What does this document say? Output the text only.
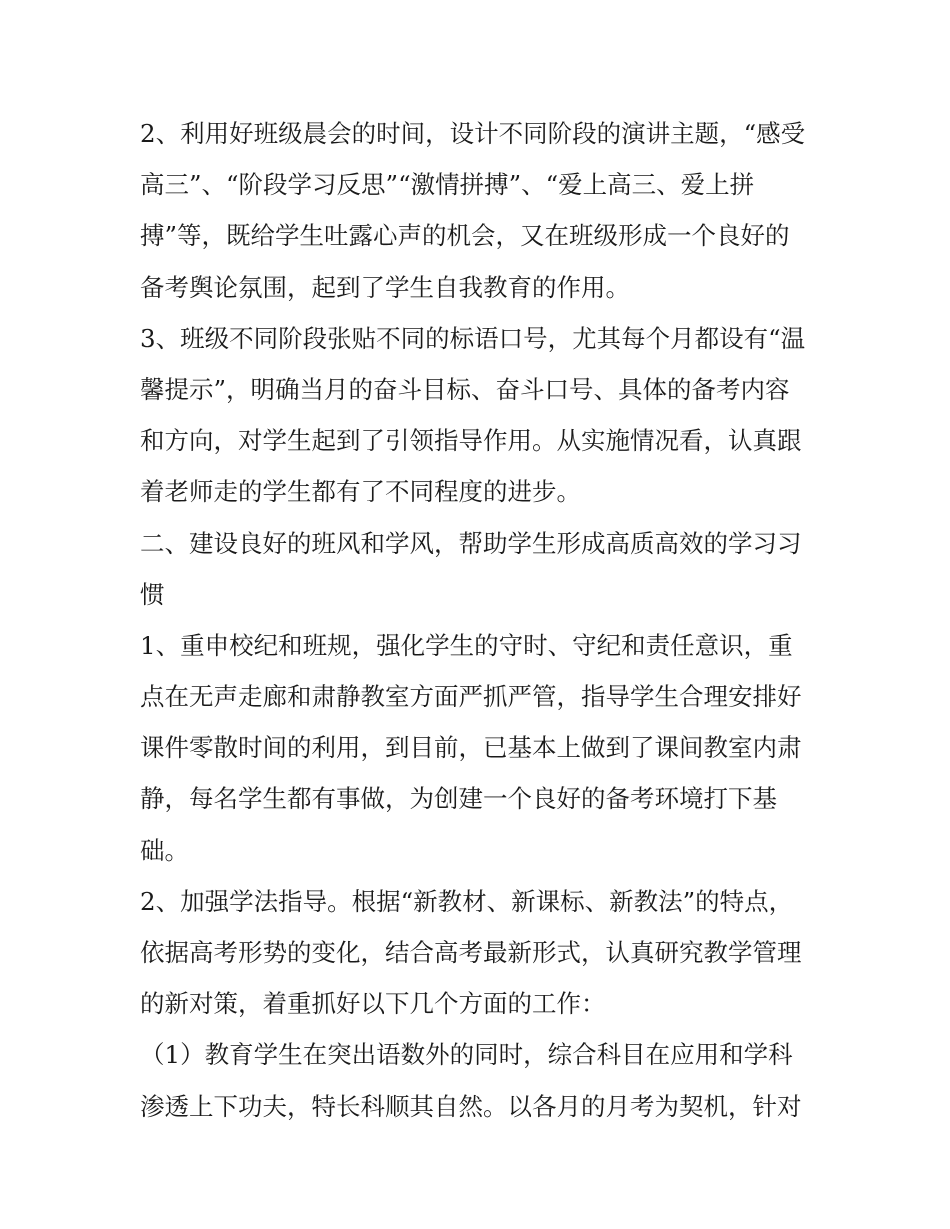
2、利用好班级晨会的时间，设计不同阶段的演讲主题，“感受
高三”、“阶段学习反思”“激情拼搏”、“爱上高三、爱上拼
搏”等，既给学生吐露心声的机会，又在班级形成一个良好的
备考舆论氛围，起到了学生自我教育的作用。
3、班级不同阶段张贴不同的标语口号，尤其每个月都设有“温
馨提示”，明确当月的奋斗目标、奋斗口号、具体的备考内容
和方向，对学生起到了引领指导作用。从实施情况看，认真跟
着老师走的学生都有了不同程度的进步。
二、建设良好的班风和学风，帮助学生形成高质高效的学习习
惯
1、重申校纪和班规，强化学生的守时、守纪和责任意识，重
点在无声走廊和肃静教室方面严抓严管，指导学生合理安排好
课件零散时间的利用，到目前，已基本上做到了课间教室内肃
静，每名学生都有事做，为创建一个良好的备考环境打下基
础。
2、加强学法指导。根据“新教材、新课标、新教法”的特点，
依据高考形势的变化，结合高考最新形式，认真研究教学管理
的新对策，着重抓好以下几个方面的工作：
（1）教育学生在突出语数外的同时，综合科目在应用和学科
渗透上下功夫，特长科顺其自然。以各月的月考为契机，针对
